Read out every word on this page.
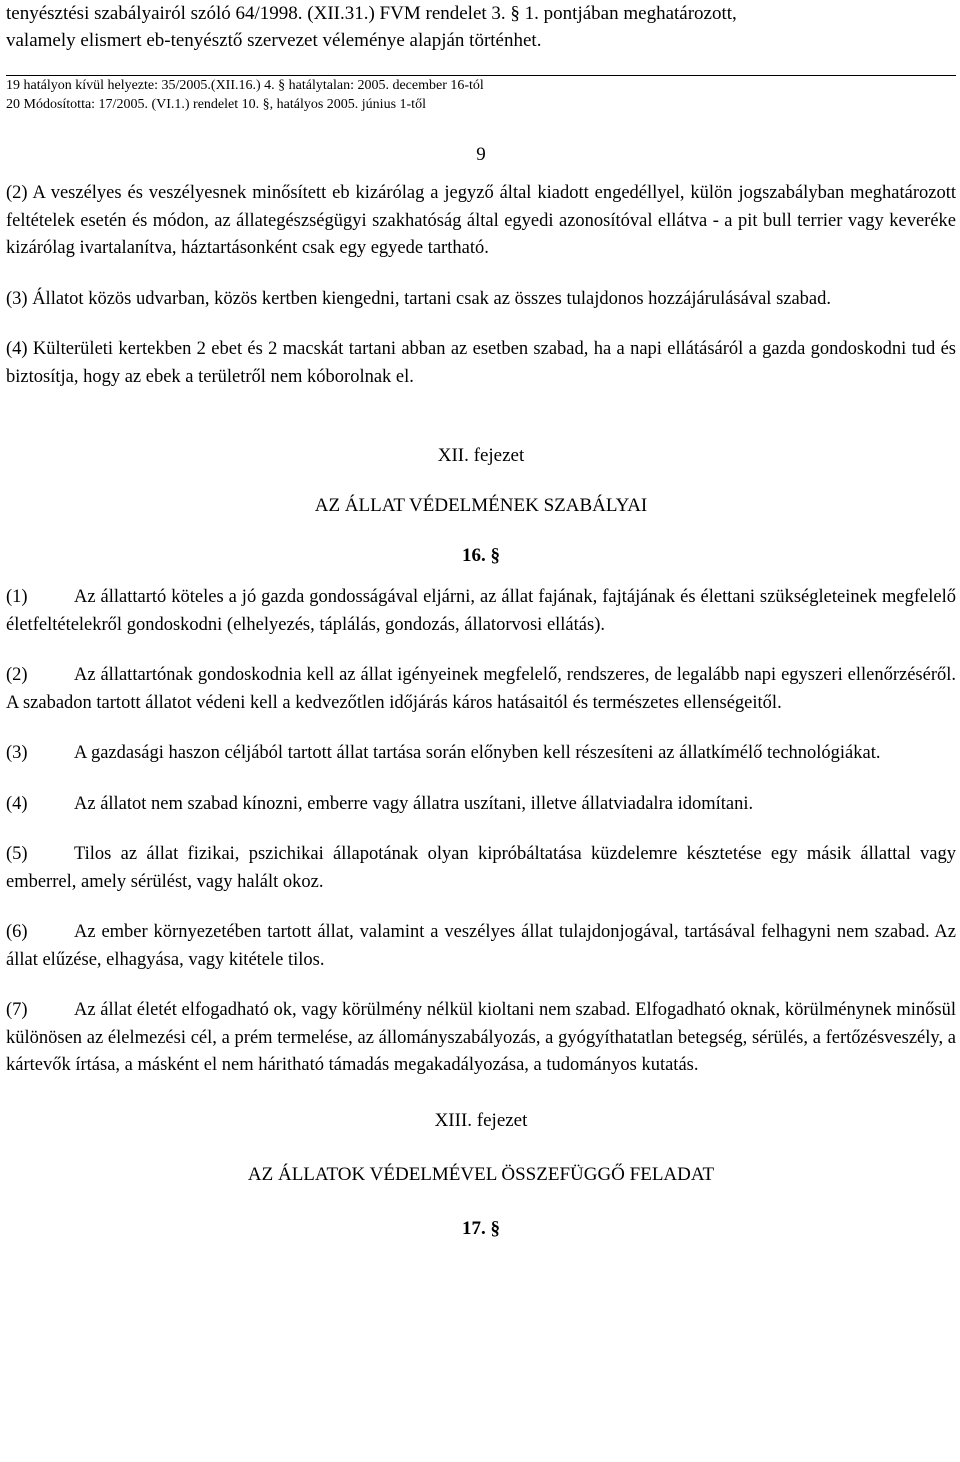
tenyésztési szabályairól szóló 64/1998. (XII.31.) FVM rendelet 3. § 1. pontjában meghatározott,
valamely elismert eb-tenyésztő szervezet véleménye alapján történhet.
19 hatályon kívül helyezte: 35/2005.(XII.16.) 4. § hatálytalan: 2005. december 16-tól
20 Módosította: 17/2005. (VI.1.) rendelet 10. §, hatályos 2005. június 1-től
9

(2) A veszélyes és veszélyesnek minősített eb kizárólag a jegyző által kiadott engedéllyel, külön jogszabályban meghatározott feltételek esetén és módon, az állategészségügyi szakhatóság által egyedi azonosítóval ellátva - a pit bull terrier vagy keveréke kizárólag ivartalanítva, háztartásonként csak egy egyede tartható.

(3) Állatot közös udvarban, közös kertben kiengedni, tartani csak az összes tulajdonos hozzájárulásával szabad.

(4) Külterületi kertekben 2 ebet és 2 macskát tartani abban az esetben szabad, ha a napi ellátásáról a gazda gondoskodni tud és biztosítja, hogy az ebek a területről nem kóborolnak el.

XII. fejezet
AZ ÁLLAT VÉDELMÉNEK SZABÁLYAI
16. §

(1)	Az állattartó köteles a jó gazda gondosságával eljárni, az állat fajának, fajtájának és élettani szükségleteinek megfelelő életfeltételekről gondoskodni (elhelyezés, táplálás, gondozás, állatorvosi ellátás).

(2)	Az állattartónak gondoskodnia kell az állat igényeinek megfelelő, rendszeres, de legalább napi egyszeri ellenőrzéséről. A szabadon tartott állatot védeni kell a kedvezőtlen időjárás káros hatásaitól és természetes ellenségeitől.

(3)	A gazdasági haszon céljából tartott állat tartása során előnyben kell részesíteni az állatkímélő technológiákat.

(4)	Az állatot nem szabad kínozni, emberre vagy állatra uszítani, illetve állatviadalra idomítani.

(5)	Tilos az állat fizikai, pszichikai állapotának olyan kipróbáltatása küzdelemre késztetése egy másik állattal vagy emberrel, amely sérülést, vagy halált okoz.

(6)	Az ember környezetében tartott állat, valamint a veszélyes állat tulajdonjogával, tartásával felhagyni nem szabad. Az állat elűzése, elhagyása, vagy kitétele tilos.

(7)	Az állat életét elfogadható ok, vagy körülmény nélkül kioltani nem szabad. Elfogadható oknak, körülménynek minősül különösen az élelmezési cél, a prém termelése, az állományszabályozás, a gyógyíthatatlan betegség, sérülés, a fertőzésveszély, a kártevők írtása, a másként el nem háritható támadás megakadályozása, a tudományos kutatás.

XIII. fejezet
AZ ÁLLATOK VÉDELMÉVEL ÖSSZEFÜGGŐ FELADAT
17. §
